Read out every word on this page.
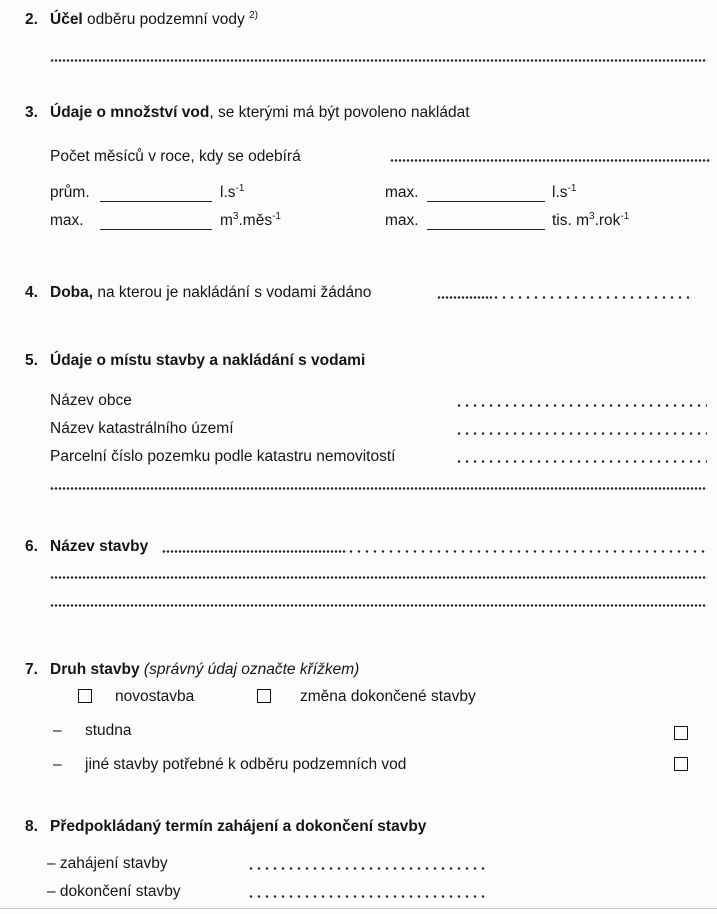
2. Účel odběru podzemní vody $^{2)}$
3. Údaje o množství vod, se kterými má být povoleno nakládat
Počet měsíců v roce, kdy se odebírá
prům.	$l.s^{-1}$	max.	$l.s^{-1}$
max.	$m^3.měs^{-1}$	max.	tis. $m^3.rok^{-1}$
4. Doba, na kterou je nakládání s vodami žádáno
5. Údaje o místu stavby a nakládání s vodami
Název obce
Název katastrálního území
Parcelní číslo pozemku podle katastru nemovitostí
6. Název stavby
7. Druh stavby (správný údaj označte křížkem)
novostavba	změna dokončené stavby
– studna
– jiné stavby potřebné k odběru podzemních vod
8. Předpokládaný termín zahájení a dokončení stavby
– zahájení stavby
– dokončení stavby
